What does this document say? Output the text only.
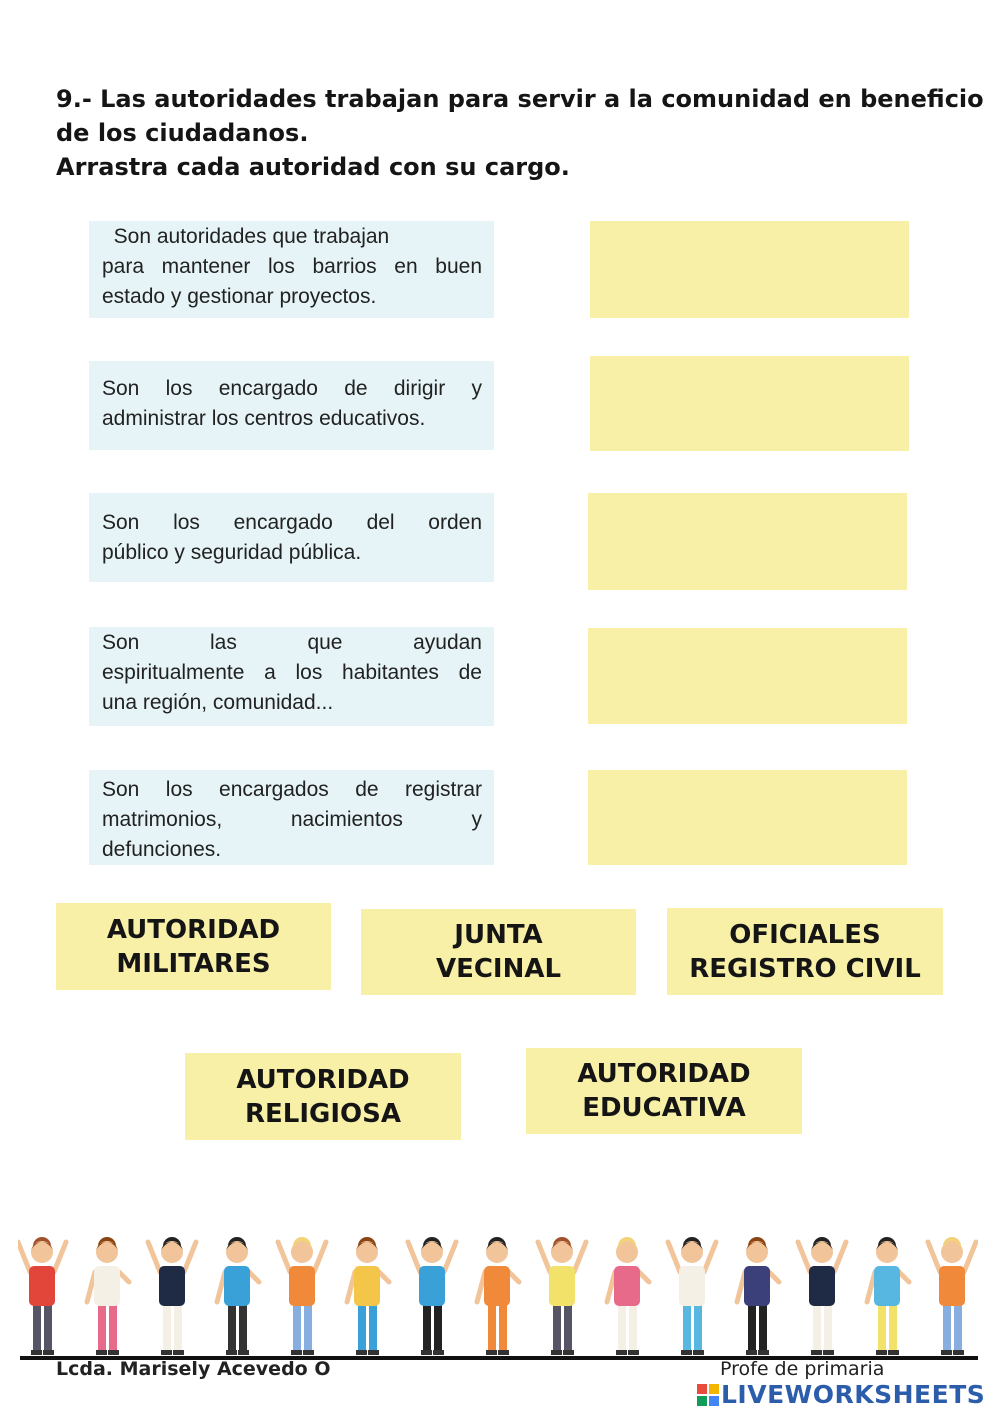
9.- Las autoridades trabajan para servir a la comunidad en beneficio
de los ciudadanos.
Arrastra cada autoridad con su cargo.
Son autoridades que trabajan
para mantener los barrios en buen
estado y gestionar proyectos.
Son los encargado de dirigir y
administrar los centros educativos.
Son los encargado del orden
público y seguridad pública.
Son las que ayudan
espiritualmente a los habitantes de
una región, comunidad...
Son los encargados de registrar
matrimonios, nacimientos y
defunciones.
AUTORIDAD
MILITARES
JUNTA
VECINAL
OFICIALES
REGISTRO CIVIL
AUTORIDAD
RELIGIOSA
AUTORIDAD
EDUCATIVA
Lcda. Marisely Acevedo O	Profe de primaria
LIVEWORKSHEETS
